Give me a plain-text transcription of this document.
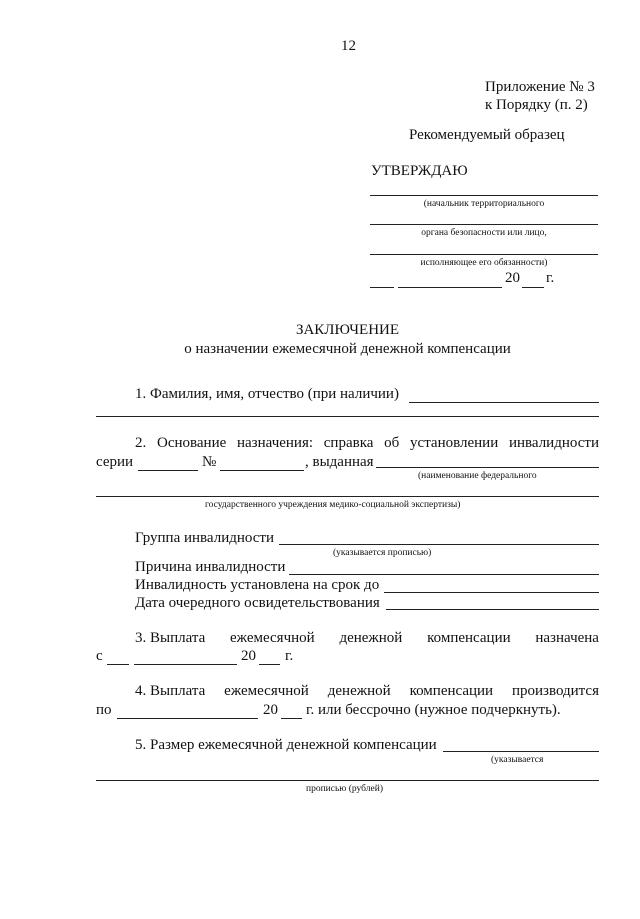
12
Приложение № 3
к Порядку (п. 2)
Рекомендуемый образец
УТВЕРЖДАЮ
(начальник территориального
органа безопасности или лицо,
исполняющее его обязанности)
20 г.
ЗАКЛЮЧЕНИЕ
о назначении ежемесячной денежной компенсации
1. Фамилия, имя, отчество (при наличии)
2. Основание назначения: справка об установлении инвалидности
серии	№	, выданная
(наименование федерального
государственного учреждения медико-социальной экспертизы)
Группа инвалидности
(указывается прописью)
Причина инвалидности
Инвалидность установлена на срок до
Дата очередного освидетельствования
3. Выплата ежемесячной денежной компенсации назначена
с	20 г.
4. Выплата ежемесячной денежной компенсации производится
по	20 г. или бессрочно (нужное подчеркнуть).
5. Размер ежемесячной денежной компенсации
(указывается
прописью (рублей)
